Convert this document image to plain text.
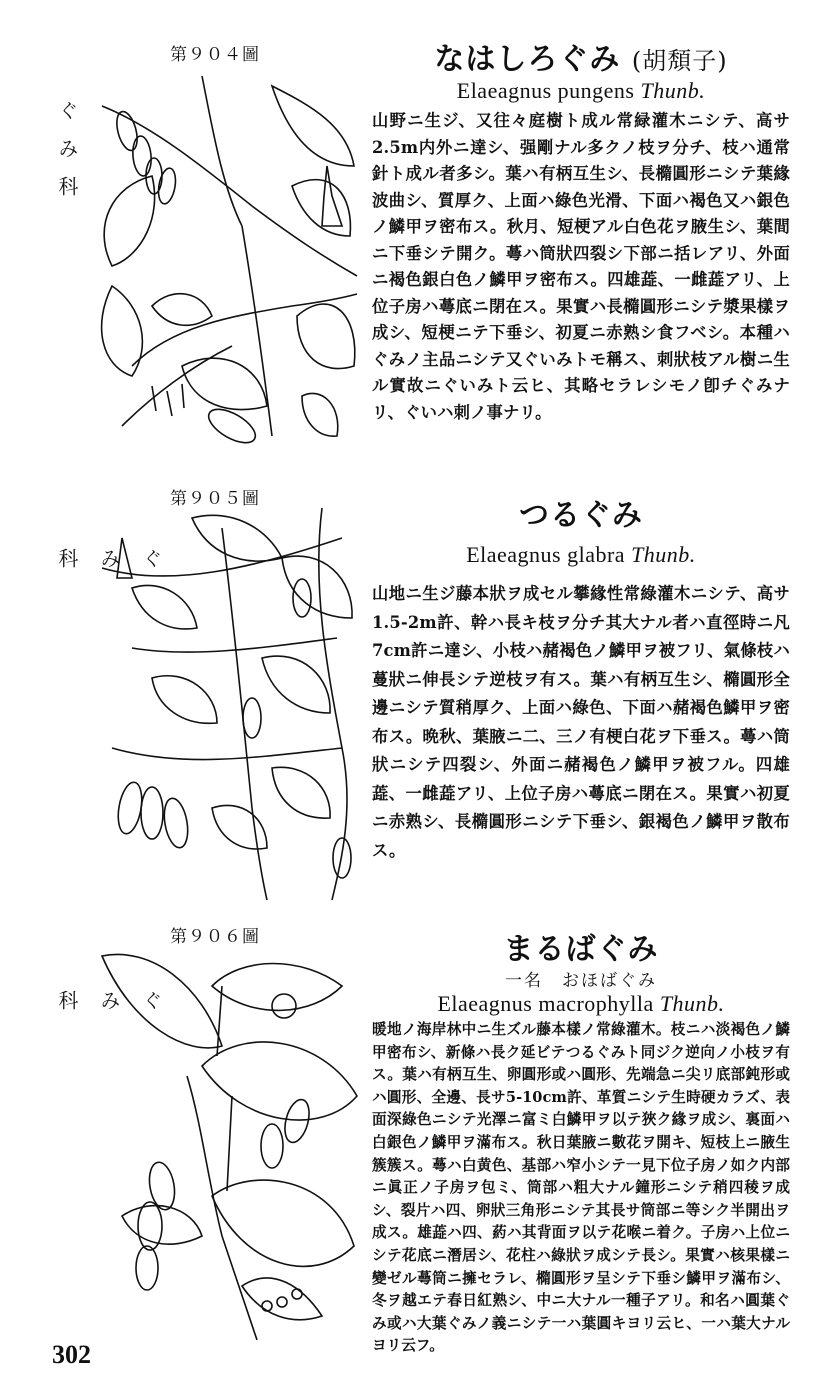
第９０４圖
ぐみ科
なはしろぐみ (胡頽子)
Elaeagnus pungens Thunb.
山野ニ生ジ、又往々庭樹ト成ル常緑灌木ニシテ、高サ2.5m内外ニ達シ、强剛ナル多クノ枝ヲ分チ、枝ハ通常針ト成ル者多シ。葉ハ有柄互生シ、長橢圓形ニシテ葉緣波曲シ、質厚ク、上面ハ綠色光滑、下面ハ褐色又ハ銀色ノ鱗甲ヲ密布ス。秋月、短梗アル白色花ヲ腋生シ、葉間ニ下垂シテ開ク。蕚ハ筒狀四裂シ下部ニ括レアリ、外面ニ褐色銀白色ノ鱗甲ヲ密布ス。四雄蕋、一雌蕋アリ、上位子房ハ蕚底ニ閉在ス。果實ハ長橢圓形ニシテ漿果樣ヲ成シ、短梗ニテ下垂シ、初夏ニ赤熟シ食フベシ。本種ハぐみノ主品ニシテ又ぐいみトモ稱ス、刺狀枝アル樹ニ生ル實故ニぐいみト云ヒ、其略セラレシモノ卽チぐみナリ、ぐいハ刺ノ事ナリ。
第９０５圖
ぐみ科
つるぐみ
Elaeagnus glabra Thunb.
山地ニ生ジ藤本狀ヲ成セル攀緣性常綠灌木ニシテ、高サ1.5-2m許、幹ハ長キ枝ヲ分チ其大ナル者ハ直徑時ニ凡7cm許ニ達シ、小枝ハ赭褐色ノ鱗甲ヲ被フリ、氣條枝ハ蔓狀ニ伸長シテ逆枝ヲ有ス。葉ハ有柄互生シ、橢圓形全邊ニシテ質稍厚ク、上面ハ綠色、下面ハ赭褐色鱗甲ヲ密布ス。晩秋、葉腋ニ二、三ノ有梗白花ヲ下垂ス。蕚ハ筒狀ニシテ四裂シ、外面ニ赭褐色ノ鱗甲ヲ被フル。四雄蕋、一雌蕋アリ、上位子房ハ蕚底ニ閉在ス。果實ハ初夏ニ赤熟シ、長橢圓形ニシテ下垂シ、銀褐色ノ鱗甲ヲ散布ス。
第９０６圖
ぐみ科
まるばぐみ
一名　おほばぐみ
Elaeagnus macrophylla Thunb.
暖地ノ海岸林中ニ生ズル藤本樣ノ常綠灌木。枝ニハ淡褐色ノ鱗甲密布シ、新條ハ長ク延ビテつるぐみト同ジク逆向ノ小枝ヲ有ス。葉ハ有柄互生、卵圓形或ハ圓形、先端急ニ尖リ底部鈍形或ハ圓形、全邊、長サ5-10cm許、革質ニシテ生時硬カラズ、表面深綠色ニシテ光澤ニ富ミ白鱗甲ヲ以テ狹ク緣ヲ成シ、裏面ハ白銀色ノ鱗甲ヲ滿布ス。秋日葉腋ニ數花ヲ開キ、短枝上ニ腋生簇簇ス。蕚ハ白黄色、基部ハ窄小シテ一見下位子房ノ如ク内部ニ眞正ノ子房ヲ包ミ、筒部ハ粗大ナル鐘形ニシテ稍四稜ヲ成シ、裂片ハ四、卵狀三角形ニシテ其長サ筒部ニ等シク半開出ヲ成ス。雄蕋ハ四、葯ハ其背面ヲ以テ花喉ニ着ク。子房ハ上位ニシテ花底ニ潛居シ、花柱ハ綠狀ヲ成シテ長シ。果實ハ核果樣ニ變ゼル蕚筒ニ擁セラレ、橢圓形ヲ呈シテ下垂シ鱗甲ヲ滿布シ、冬ヲ越エテ春日紅熟シ、中ニ大ナル一種子アリ。和名ハ圓葉ぐみ或ハ大葉ぐみノ義ニシテ一ハ葉圓キヨリ云ヒ、一ハ葉大ナルヨリ云フ。
302
